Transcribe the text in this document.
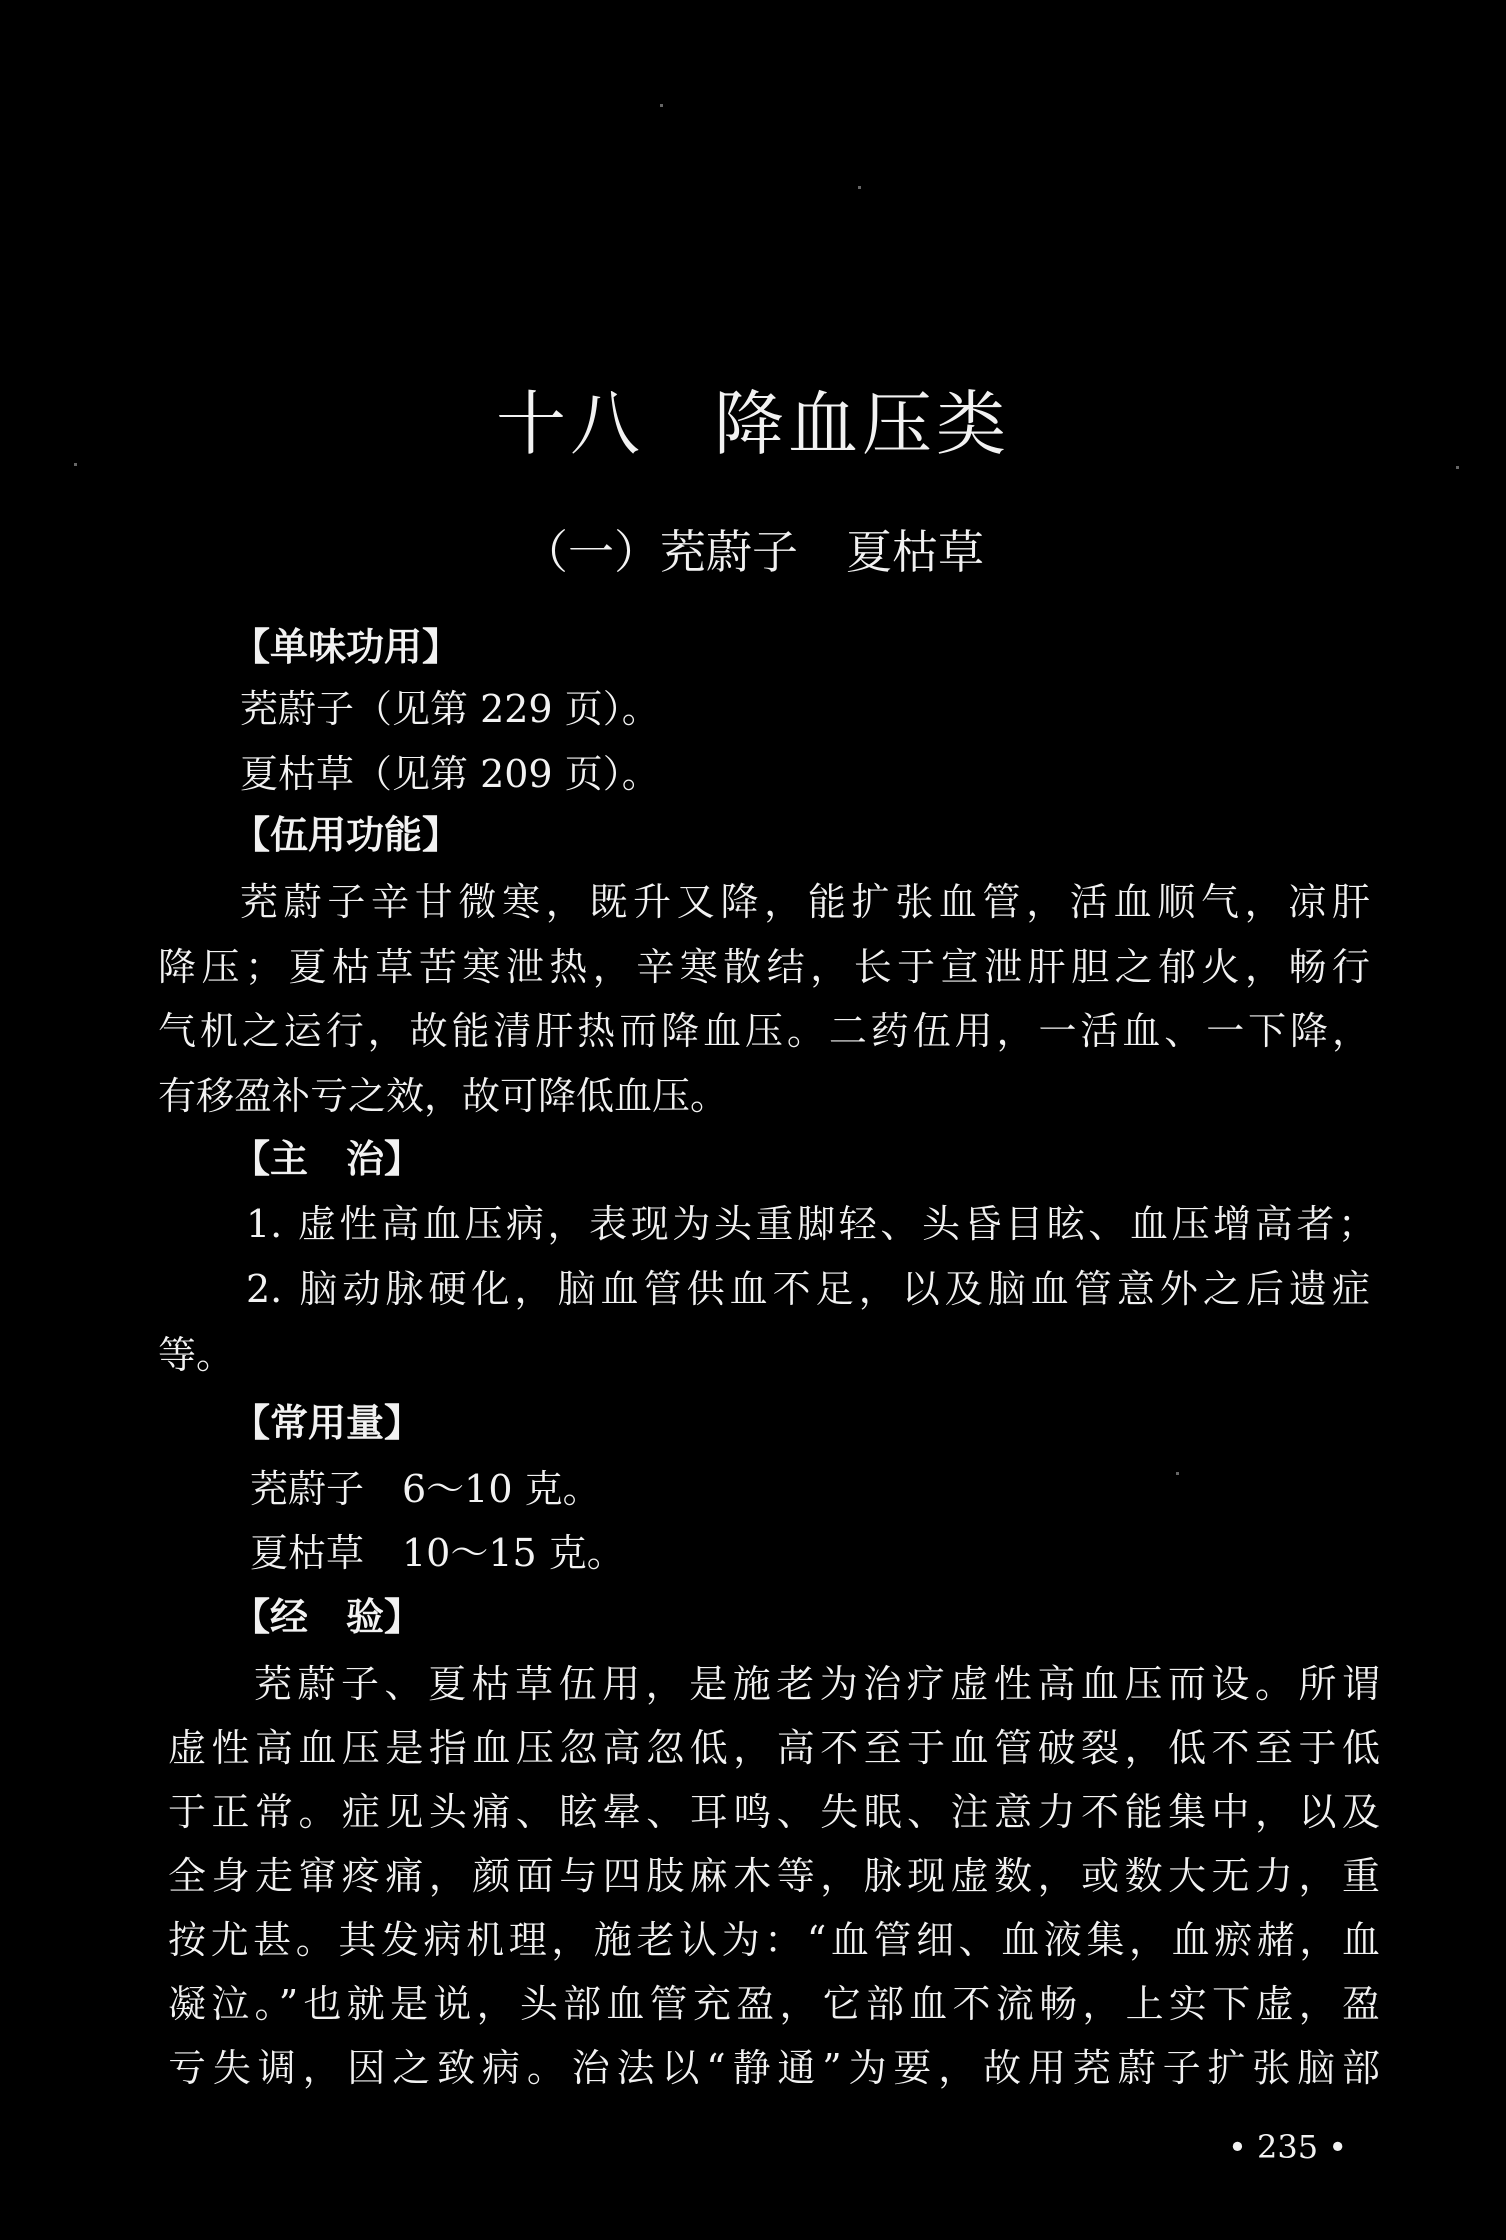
十八 降血压类
（一）茺蔚子 夏枯草
【单味功用】
茺蔚子（见第 229 页）。
夏枯草（见第 209 页）。
【伍用功能】
茺蔚子辛甘微寒，既升又降，能扩张血管，活血顺气，凉肝
降压；夏枯草苦寒泄热，辛寒散结，长于宣泄肝胆之郁火，畅行
气机之运行，故能清肝热而降血压。二药伍用，一活血、一下降，
有移盈补亏之效，故可降低血压。
【主　治】
1. 虚性高血压病，表现为头重脚轻、头昏目眩、血压增高者；
2. 脑动脉硬化，脑血管供血不足，以及脑血管意外之后遗症
等。
【常用量】
茺蔚子　6～10 克。
夏枯草　10～15 克。
【经　验】
茺蔚子、夏枯草伍用，是施老为治疗虚性高血压而设。所谓
虚性高血压是指血压忽高忽低，高不至于血管破裂，低不至于低
于正常。症见头痛、眩晕、耳鸣、失眠、注意力不能集中，以及
全身走窜疼痛，颜面与四肢麻木等，脉现虚数，或数大无力，重
按尤甚。其发病机理，施老认为：“血管细、血液集，血瘀赭，血
凝泣。”也就是说，头部血管充盈，它部血不流畅，上实下虚，盈
亏失调，因之致病。治法以“静通”为要，故用茺蔚子扩张脑部
• 235 •
